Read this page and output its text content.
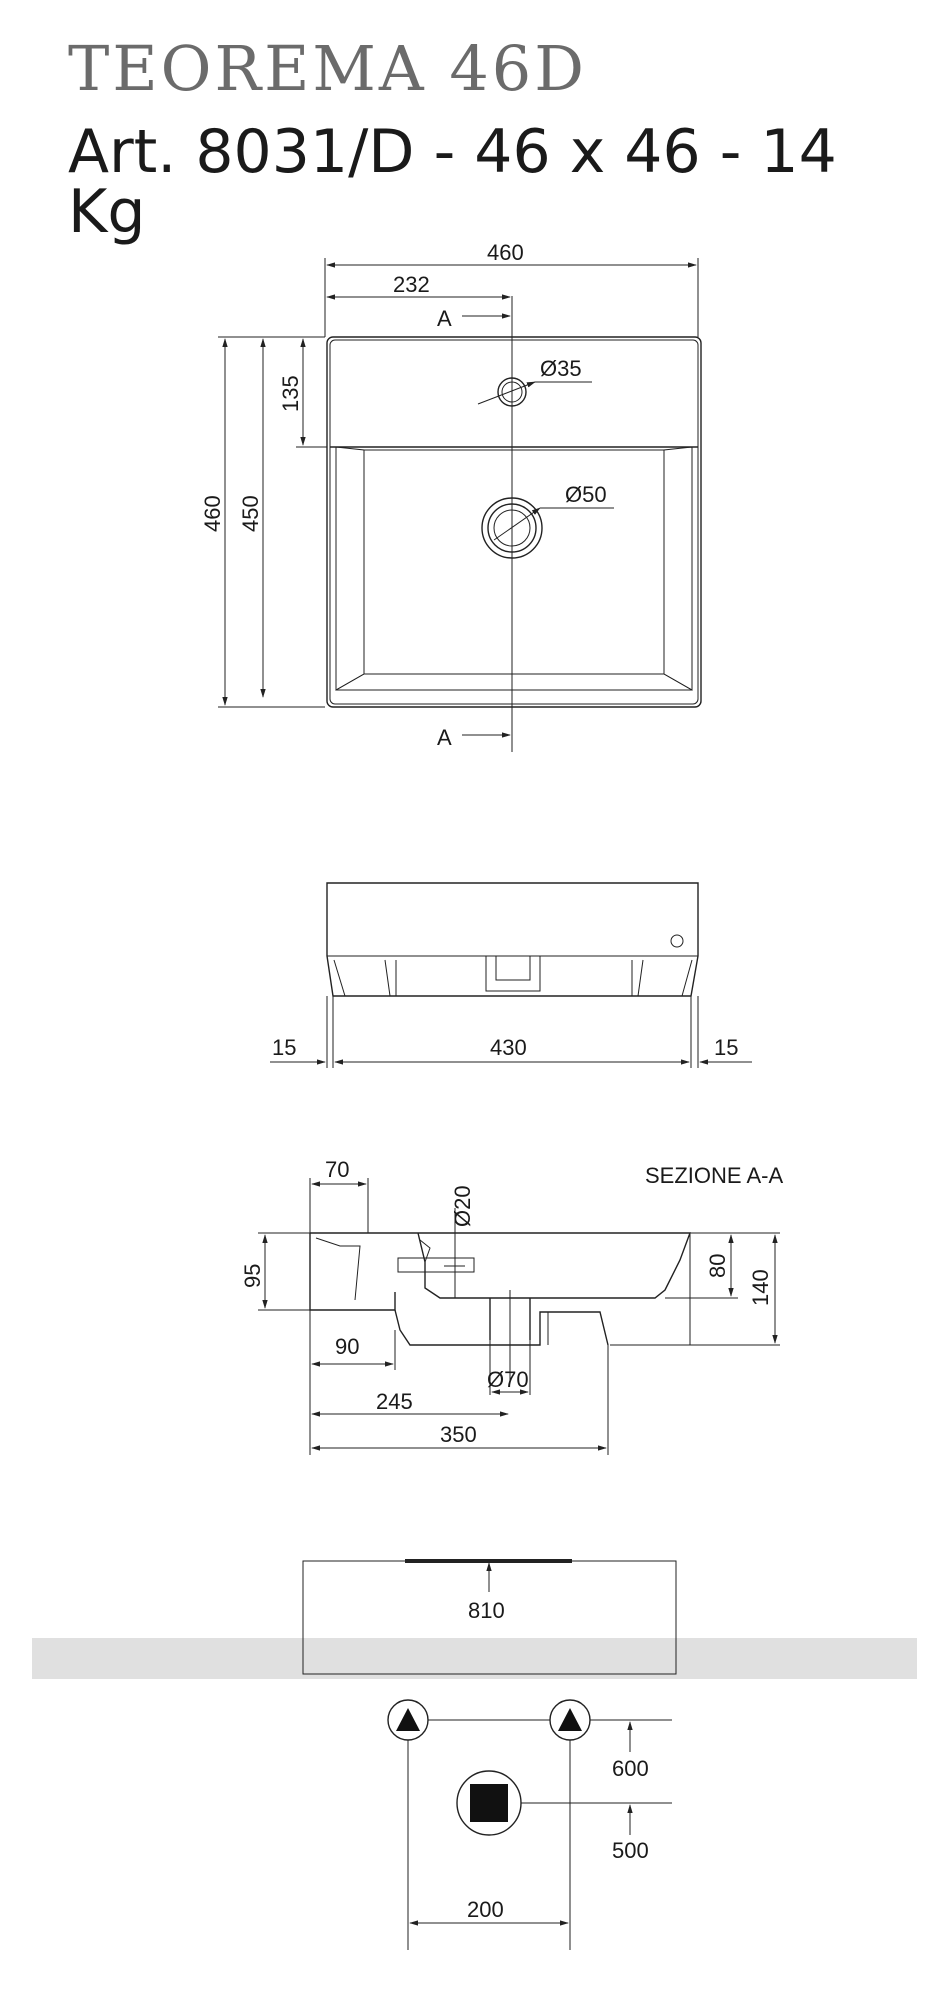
TEOREMA 46D
Art. 8031/D - 46 x 46 - 14 Kg
Ø35
Ø50
A
A
460
232
460 450
135
15	430	15
SEZIONE A-A
70
Ø20
95	80
140
90
Ø70
245
350
810
600
500
200
